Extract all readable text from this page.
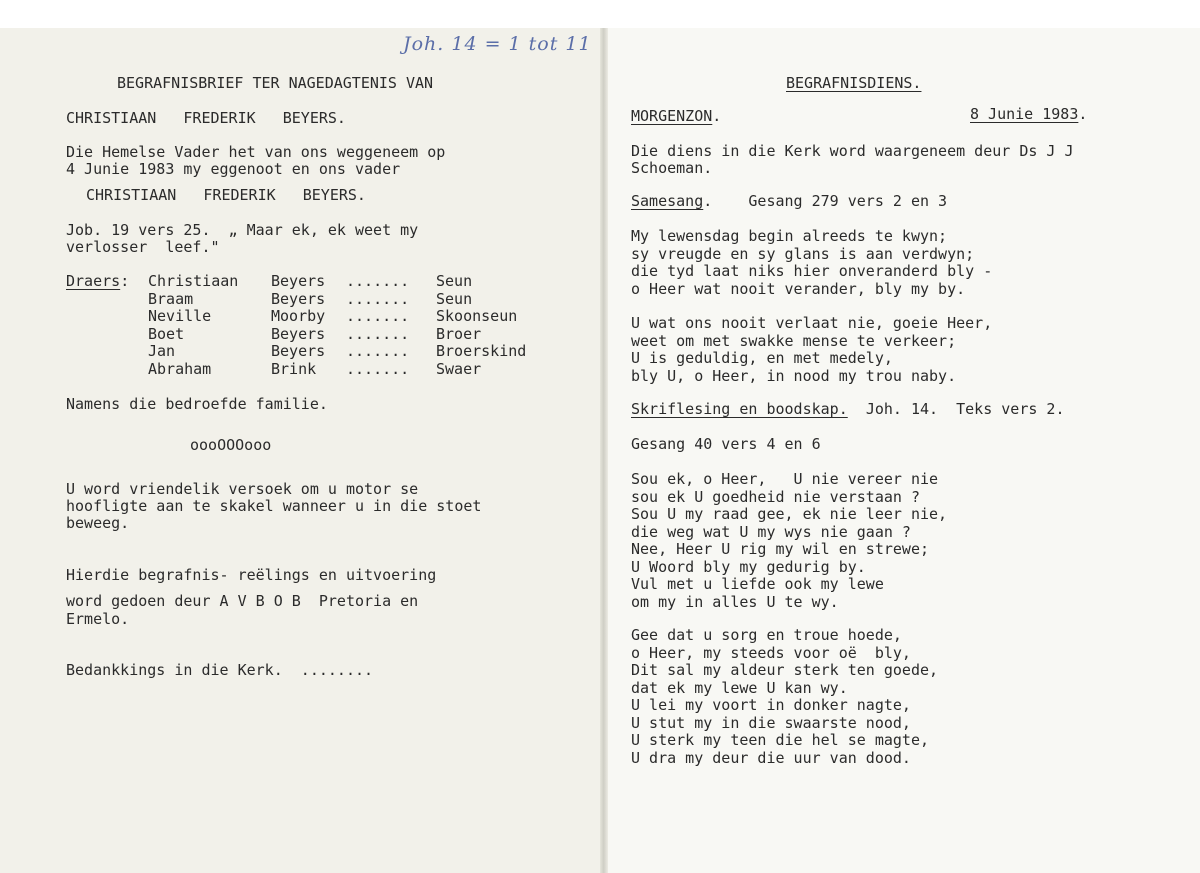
Joh. 14 = 1 tot 11
BEGRAFNISBRIEF TER NAGEDAGTENIS VAN
CHRISTIAAN   FREDERIK   BEYERS.
Die Hemelse Vader het van ons weggeneem op
4 Junie 1983 my eggenoot en ons vader
CHRISTIAAN   FREDERIK   BEYERS.
Job. 19 vers 25.  „ Maar ek, ek weet my
verlosser  leef."
Draers: Christiaan
Braam
Neville
Boet
Jan
Abraham
Beyers
Beyers
Moorby
Beyers
Beyers
Brink
.......
.......
.......
.......
.......
.......
Seun
Seun
Skoonseun
Broer
Broerskind
Swaer
Namens die bedroefde familie.
oooOOOooo
U word vriendelik versoek om u motor se
hoofligte aan te skakel wanneer u in die stoet
beweeg.
Hierdie begrafnis- reëlings en uitvoering
word gedoen deur A V B O B  Pretoria en
Ermelo.
Bedankkings in die Kerk.  ........
BEGRAFNISDIENS.
MORGENZON.	8 Junie 1983.
Die diens in die Kerk word waargeneem deur Ds J J
Schoeman.
Samesang. Gesang 279 vers 2 en 3
My lewensdag begin alreeds te kwyn;
sy vreugde en sy glans is aan verdwyn;
die tyd laat niks hier onveranderd bly -
o Heer wat nooit verander, bly my by.
U wat ons nooit verlaat nie, goeie Heer,
weet om met swakke mense te verkeer;
U is geduldig, en met medely,
bly U, o Heer, in nood my trou naby.
Skriflesing en boodskap. Joh. 14.  Teks vers 2.
Gesang 40 vers 4 en 6
Sou ek, o Heer,   U nie vereer nie
sou ek U goedheid nie verstaan ?
Sou U my raad gee, ek nie leer nie,
die weg wat U my wys nie gaan ?
Nee, Heer U rig my wil en strewe;
U Woord bly my gedurig by.
Vul met u liefde ook my lewe
om my in alles U te wy.
Gee dat u sorg en troue hoede,
o Heer, my steeds voor oë  bly,
Dit sal my aldeur sterk ten goede,
dat ek my lewe U kan wy.
U lei my voort in donker nagte,
U stut my in die swaarste nood,
U sterk my teen die hel se magte,
U dra my deur die uur van dood.
